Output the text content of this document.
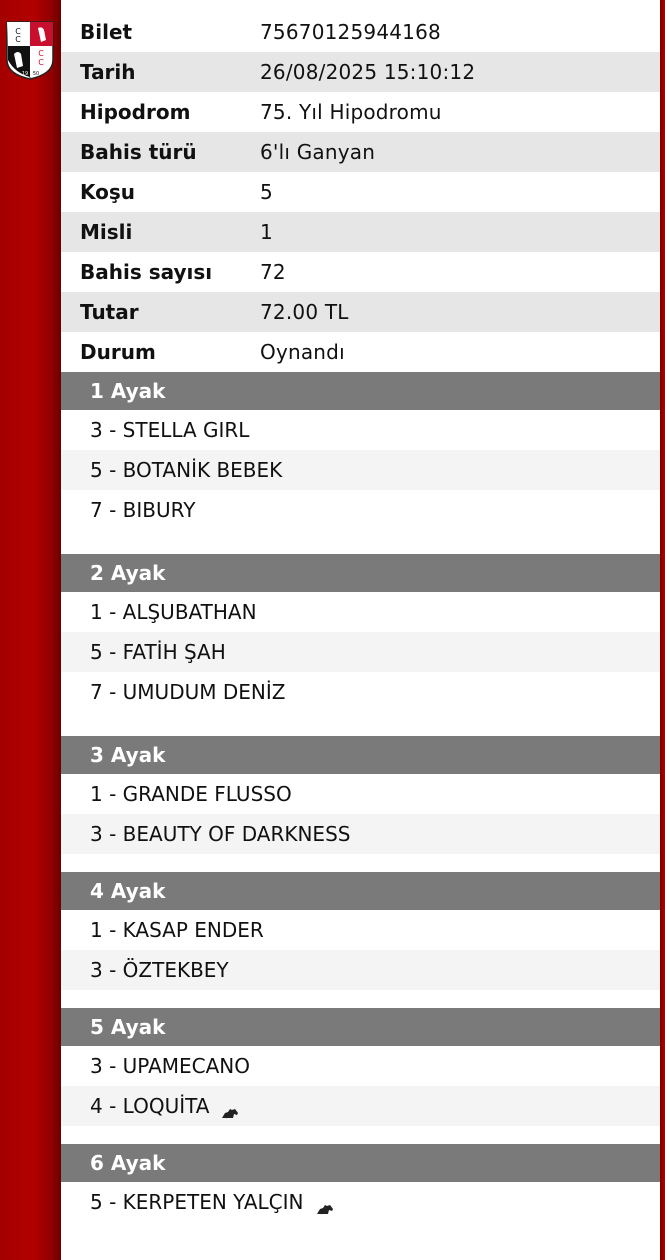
C
C
C
C
19 50
Bilet	75670125944168
Tarih	26/08/2025 15:10:12
Hipodrom	75. Yıl Hipodromu
Bahis türü	6'lı Ganyan
Koşu	5
Misli	1
Bahis sayısı	72
Tutar	72.00 TL
Durum	Oynandı
1 Ayak
3 - STELLA GIRL
5 - BOTANİK BEBEK
7 - BIBURY
2 Ayak
1 - ALŞUBATHAN
5 - FATİH ŞAH
7 - UMUDUM DENİZ
3 Ayak
1 - GRANDE FLUSSO
3 - BEAUTY OF DARKNESS
4 Ayak
1 - KASAP ENDER
3 - ÖZTEKBEY
5 Ayak
3 - UPAMECANO
4 - LOQUİTA
6 Ayak
5 - KERPETEN YALÇIN
